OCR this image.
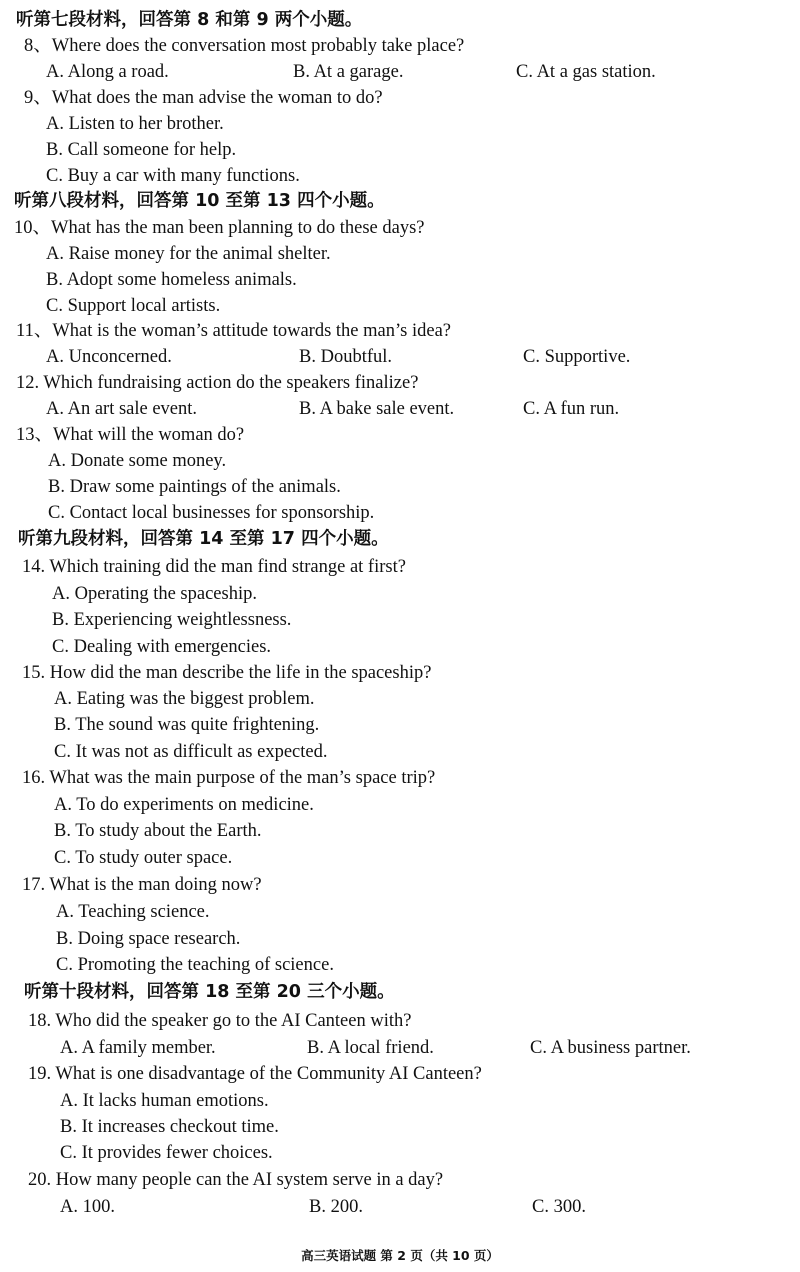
听第七段材料，回答第 8 和第 9 两个小题。
8、Where does the conversation most probably take place?
A. Along a road.	B. At a garage.	C. At a gas station.
9、What does the man advise the woman to do?
A. Listen to her brother.
B. Call someone for help.
C. Buy a car with many functions.
听第八段材料，回答第 10 至第 13 四个小题。
10、What has the man been planning to do these days?
A. Raise money for the animal shelter.
B. Adopt some homeless animals.
C. Support local artists.
11、What is the woman’s attitude towards the man’s idea?
A. Unconcerned.	B. Doubtful.	C. Supportive.
12. Which fundraising action do the speakers finalize?
A. An art sale event.	B. A bake sale event.	C. A fun run.
13、What will the woman do?
A. Donate some money.
B. Draw some paintings of the animals.
C. Contact local businesses for sponsorship.
听第九段材料，回答第 14 至第 17 四个小题。
14. Which training did the man find strange at first?
A. Operating the spaceship.
B. Experiencing weightlessness.
C. Dealing with emergencies.
15. How did the man describe the life in the spaceship?
A. Eating was the biggest problem.
B. The sound was quite frightening.
C. It was not as difficult as expected.
16. What was the main purpose of the man’s space trip?
A. To do experiments on medicine.
B. To study about the Earth.
C. To study outer space.
17. What is the man doing now?
A. Teaching science.
B. Doing space research.
C. Promoting the teaching of science.
听第十段材料，回答第 18 至第 20 三个小题。
18. Who did the speaker go to the AI Canteen with?
A. A family member.	B. A local friend.	C. A business partner.
19. What is one disadvantage of the Community AI Canteen?
A. It lacks human emotions.
B. It increases checkout time.
C. It provides fewer choices.
20. How many people can the AI system serve in a day?
A. 100.	B. 200.	C. 300.
高三英语试题 第 2 页（共 10 页）
